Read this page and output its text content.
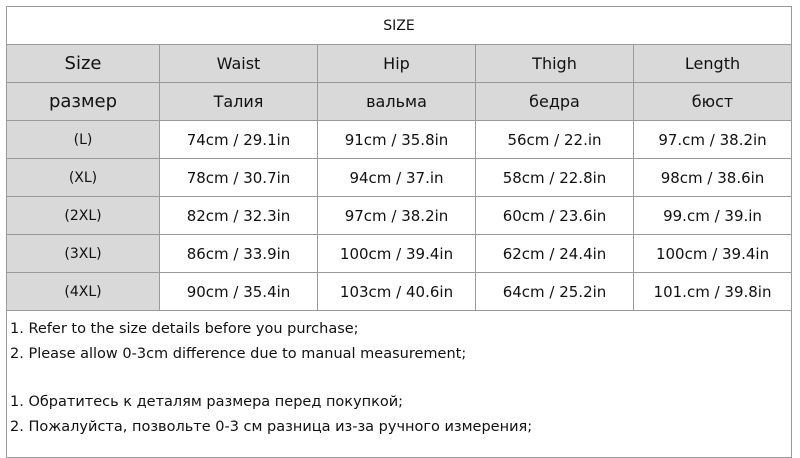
SIZE				
Size	Waist	Hip	Thigh	Length
размер	Талия	вальма	бедра	бюст
(L)	74cm / 29.1in	91cm / 35.8in	56cm / 22.in	97.cm / 38.2in
(XL)	78cm / 30.7in	94cm / 37.in	58cm / 22.8in	98cm / 38.6in
(2XL)	82cm / 32.3in	97cm / 38.2in	60cm / 23.6in	99.cm / 39.in
(3XL)	86cm / 33.9in	100cm / 39.4in	62cm / 24.4in	100cm / 39.4in
(4XL)	90cm / 35.4in	103cm / 40.6in	64cm / 25.2in	101.cm / 39.8in

1. Refer to the size details before you purchase;
2. Please allow 0-3cm difference due to manual measurement;
1. Обратитесь к деталям размера перед покупкой;
2. Пожалуйста, позвольте 0-3 см разница из-за ручного измерения;				
